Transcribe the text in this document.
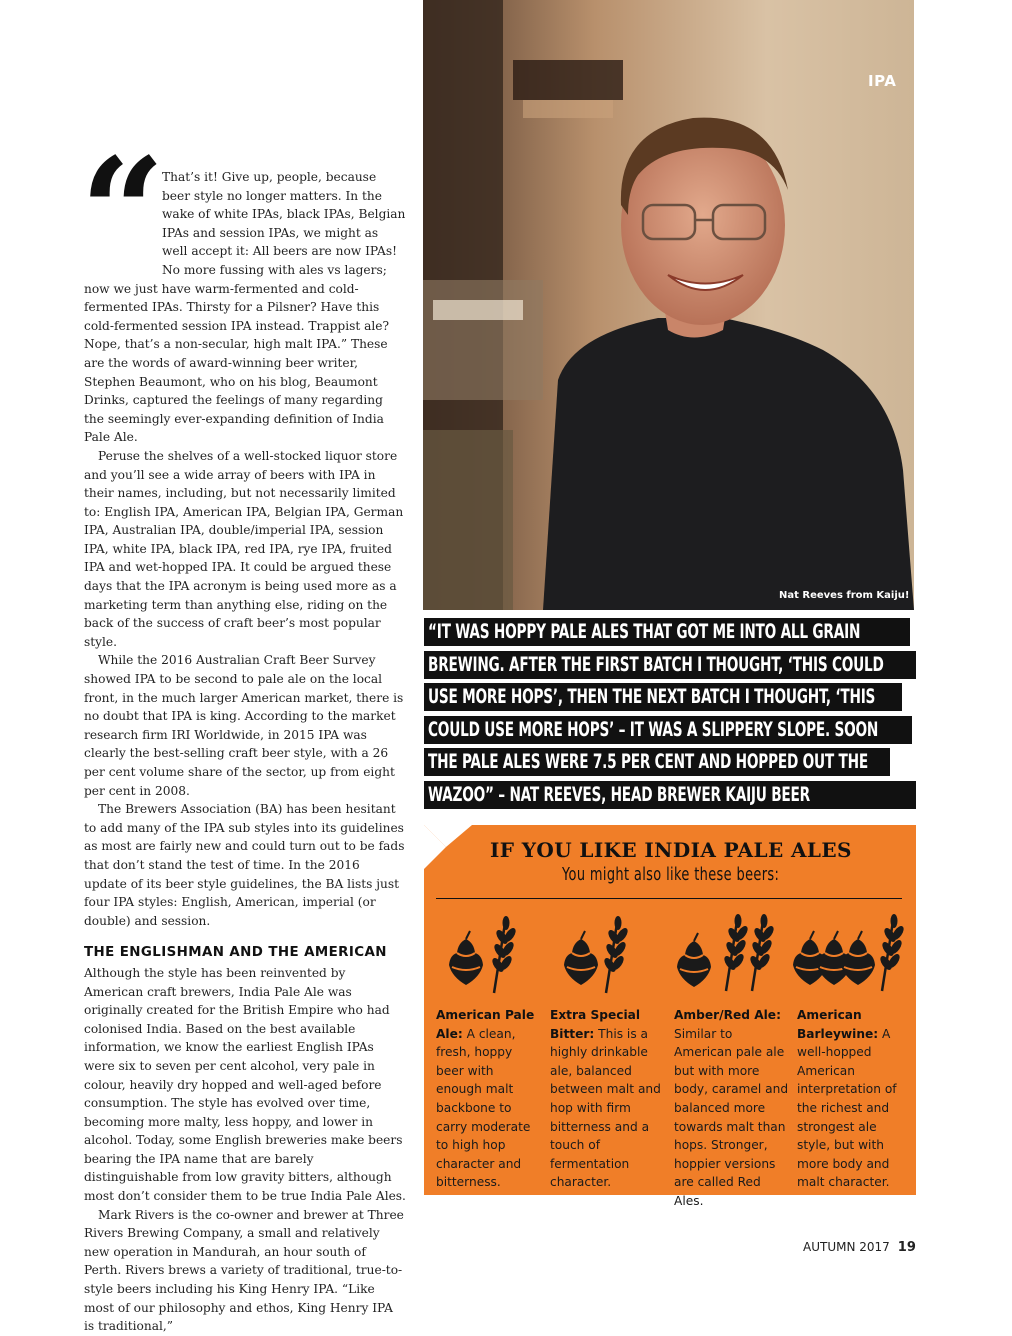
“ That’s it! Give up, people, because beer style no longer matters. In the wake of white IPAs, black IPAs, Belgian IPAs and session IPAs, we might as well accept it: All beers are now IPAs! No more fussing with ales vs lagers; now we just have warm-fermented and cold-fermented IPAs. Thirsty for a Pilsner? Have this cold-fermented session IPA instead. Trappist ale? Nope, that’s a non-secular, high malt IPA.” These are the words of award-winning beer writer, Stephen Beaumont, who on his blog, Beaumont Drinks, captured the feelings of many regarding the seemingly ever-expanding definition of India Pale Ale.

Peruse the shelves of a well-stocked liquor store and you’ll see a wide array of beers with IPA in their names, including, but not necessarily limited to: English IPA, American IPA, Belgian IPA, German IPA, Australian IPA, double/imperial IPA, session IPA, white IPA, black IPA, red IPA, rye IPA, fruited IPA and wet-hopped IPA. It could be argued these days that the IPA acronym is being used more as a marketing term than anything else, riding on the back of the success of craft beer’s most popular style.

While the 2016 Australian Craft Beer Survey showed IPA to be second to pale ale on the local front, in the much larger American market, there is no doubt that IPA is king. According to the market research firm IRI Worldwide, in 2015 IPA was clearly the best-selling craft beer style, with a 26 per cent volume share of the sector, up from eight per cent in 2008.

The Brewers Association (BA) has been hesitant to add many of the IPA sub styles into its guidelines as most are fairly new and could turn out to be fads that don’t stand the test of time. In the 2016 update of its beer style guidelines, the BA lists just four IPA styles: English, American, imperial (or double) and session.

THE ENGLISHMAN AND THE AMERICAN

Although the style has been reinvented by American craft brewers, India Pale Ale was originally created for the British Empire who had colonised India. Based on the best available information, we know the earliest English IPAs were six to seven per cent alcohol, very pale in colour, heavily dry hopped and well-aged before consumption. The style has evolved over time, becoming more malty, less hoppy, and lower in alcohol. Today, some English breweries make beers bearing the IPA name that are barely distinguishable from low gravity bitters, although most don’t consider them to be true India Pale Ales.

Mark Rivers is the co-owner and brewer at Three Rivers Brewing Company, a small and relatively new operation in Mandurah, an hour south of Perth. Rivers brews a variety of traditional, true-to-style beers including his King Henry IPA. “Like most of our philosophy and ethos, King Henry IPA is traditional,”

IPA
Nat Reeves from Kaiju!
“IT WAS HOPPY PALE ALES THAT GOT ME INTO ALL GRAIN
BREWING. AFTER THE FIRST BATCH I THOUGHT, ‘THIS COULD
USE MORE HOPS’, THEN THE NEXT BATCH I THOUGHT, ‘THIS
COULD USE MORE HOPS’ – IT WAS A SLIPPERY SLOPE. SOON
THE PALE ALES WERE 7.5 PER CENT AND HOPPED OUT THE
WAZOO” – NAT REEVES, HEAD BREWER KAIJU BEER
IF YOU LIKE INDIA PALE ALES
You might also like these beers:
American Pale Ale: A clean, fresh, hoppy beer with enough malt backbone to carry moderate to high hop character and bitterness.
Extra Special Bitter: This is a highly drinkable ale, balanced between malt and hop with firm bitterness and a touch of fermentation character.
Amber/Red Ale: Similar to American pale ale but with more body, caramel and balanced more towards malt than hops. Stronger, hoppier versions are called Red Ales.
American Barleywine: A well-hopped American interpretation of the richest and strongest ale style, but with more body and malt character.
AUTUMN 2017 19
